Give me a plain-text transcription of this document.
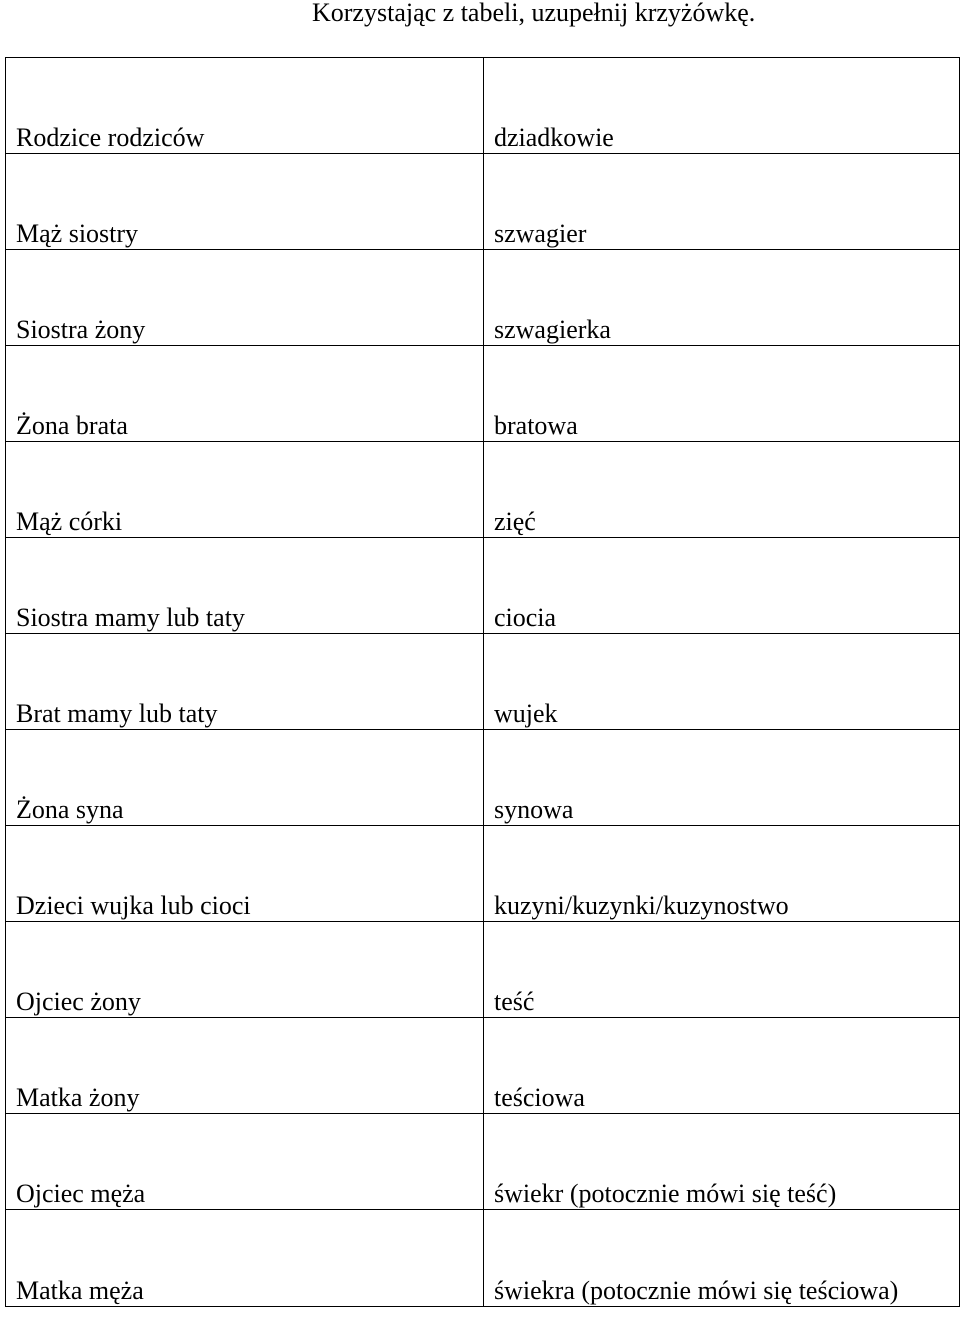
Korzystając z tabeli, uzupełnij krzyżówkę.
Rodzice rodziców	dziadkowie
Mąż siostry	szwagier
Siostra żony	szwagierka
Żona brata	bratowa
Mąż córki	zięć
Siostra mamy lub taty	ciocia
Brat mamy lub taty	wujek
Żona syna	synowa
Dzieci wujka lub cioci	kuzyni/kuzynki/kuzynostwo
Ojciec żony	teść
Matka żony	teściowa
Ojciec męża	świekr (potocznie mówi się teść)
Matka męża	świekra (potocznie mówi się teściowa)
